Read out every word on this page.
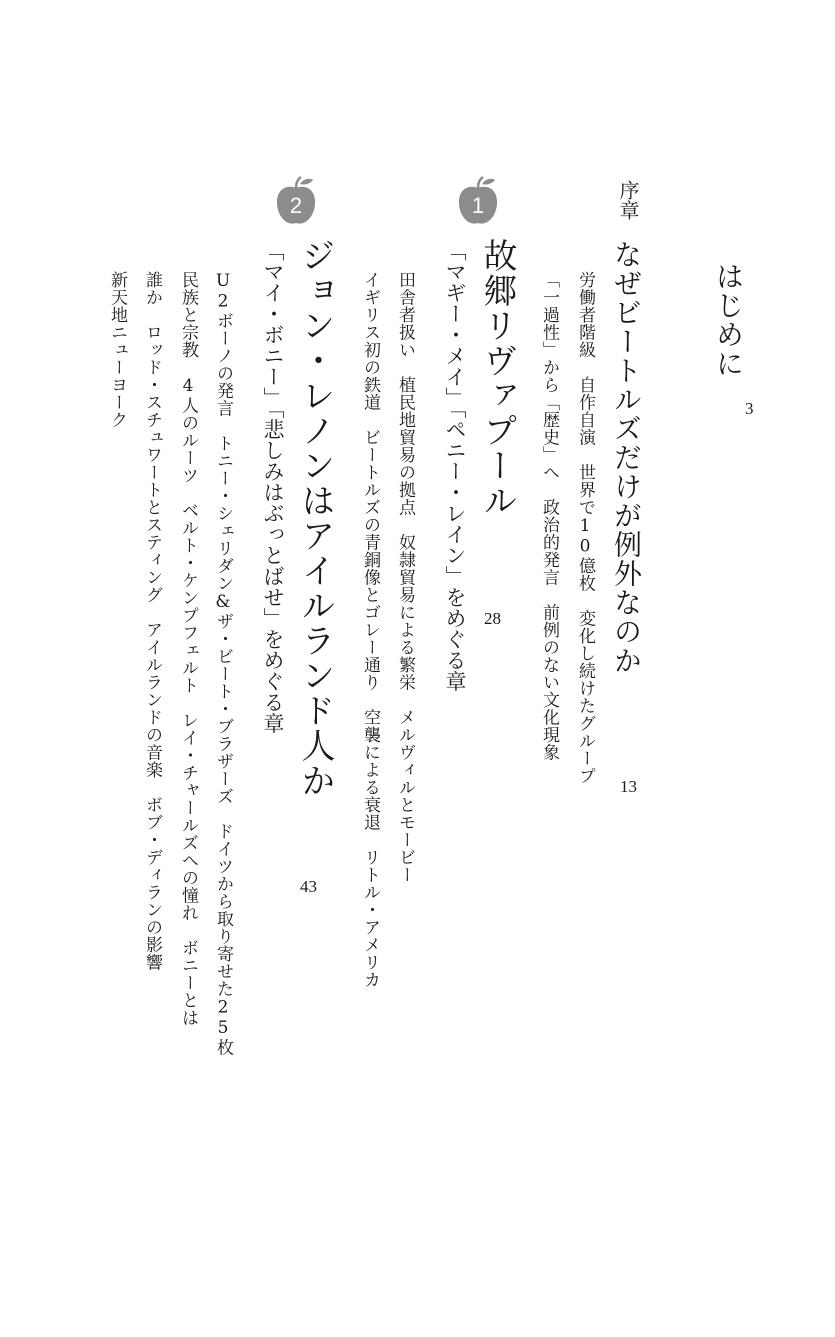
はじめに
3
序章
なぜビートルズだけが例外なのか
13
労働者階級　自作自演　世界で10億枚　変化し続けたグループ
「一過性」から「歴史」へ　政治的発言　前例のない文化現象
1
故郷リヴァプール
「マギー・メイ」「ペニー・レイン」をめぐる章 28
田舎者扱い　植民地貿易の拠点　奴隷貿易による繁栄　メルヴィルとモービー
イギリス初の鉄道　ビートルズの青銅像とゴレー通り　空襲による衰退　リトル・アメリカ
2
ジョン・レノンはアイルランド人か
「マイ・ボニー」「悲しみはぶっとばせ」をめぐる章
43
U2ボーノの発言　トニー・シェリダン&ザ・ビート・ブラザーズ　ドイツから取り寄せた25枚
民族と宗教　4人のルーツ　ベルト・ケンプフェルト　レイ・チャールズへの憧れ　ボニーとは
誰か　ロッド・スチュワートとスティング　アイルランドの音楽　ボブ・ディランの影響
新天地ニューヨーク
